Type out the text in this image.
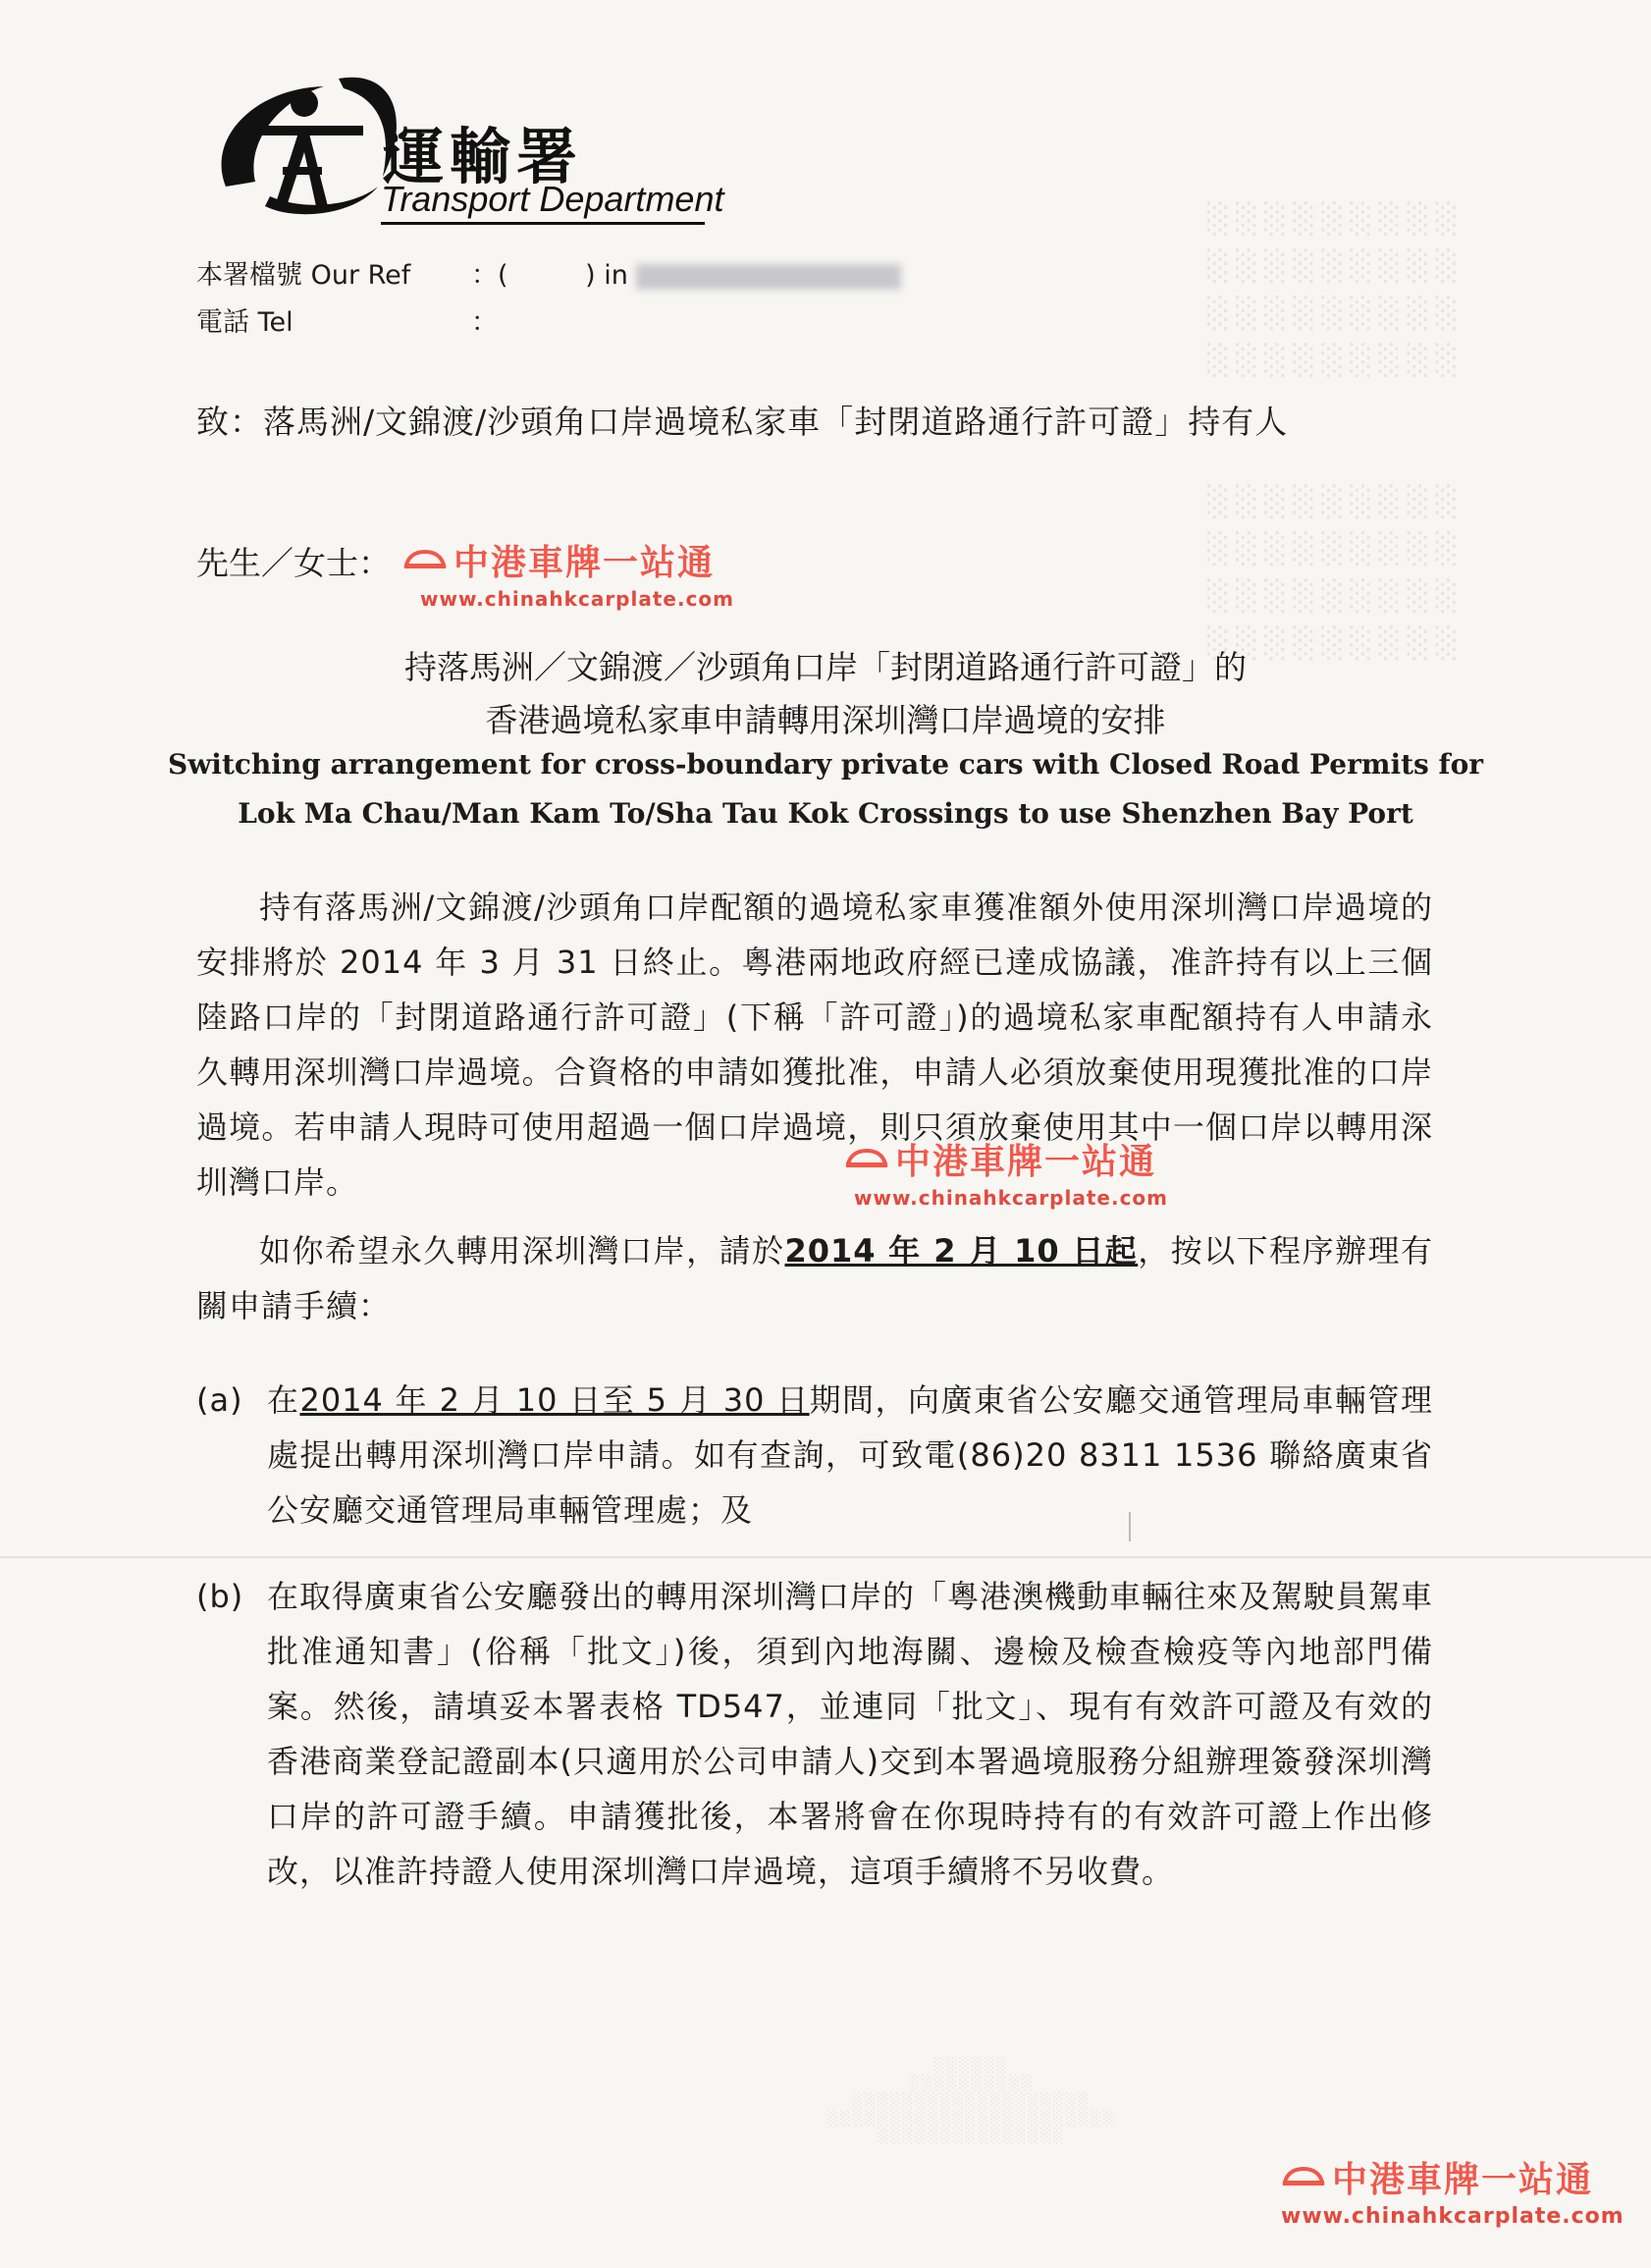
░░░░░░░░░
░░░░░░░░░
░░░░░░░░░
░░░░░░░░░

░░░░░░░░░
░░░░░░░░░
░░░░░░░░░
░░░░░░░░░
運輸署
Transport Department
本署檔號 Our Ref ：(	) in
電話 Tel	：
致：落馬洲/文錦渡/沙頭角口岸過境私家車「封閉道路通行許可證」持有人
先生／女士：	中港車牌一站通
www.chinahkcarplate.com
持落馬洲／文錦渡／沙頭角口岸「封閉道路通行許可證」的
香港過境私家車申請轉用深圳灣口岸過境的安排
Switching arrangement for cross-boundary private cars with Closed Road Permits for
Lok Ma Chau/Man Kam To/Sha Tau Kok Crossings to use Shenzhen Bay Port

持有落馬洲/文錦渡/沙頭角口岸配額的過境私家車獲准額外使用深圳灣口岸過境的安排將於 2014 年 3 月 31 日終止。粵港兩地政府經已達成協議，准許持有以上三個陸路口岸的「封閉道路通行許可證」(下稱「許可證」)的過境私家車配額持有人申請永久轉用深圳灣口岸過境。合資格的申請如獲批准，申請人必須放棄使用現獲批准的口岸過境。若申請人現時可使用超過一個口岸過境，則只須放棄使用其中一個口岸以轉用深圳灣口岸。	中港車牌一站通
www.chinahkcarplate.com

如你希望永久轉用深圳灣口岸，請於2014 年 2 月 10 日起，按以下程序辦理有關申請手續：

(a) 在2014 年 2 月 10 日至 5 月 30 日期間，向廣東省公安廳交通管理局車輛管理處提出轉用深圳灣口岸申請。如有查詢，可致電(86)20 8311 1536 聯絡廣東省公安廳交通管理局車輛管理處；及
(b) 在取得廣東省公安廳發出的轉用深圳灣口岸的「粵港澳機動車輛往來及駕駛員駕車批准通知書」(俗稱「批文」)後，須到內地海關、邊檢及檢查檢疫等內地部門備案。然後，請填妥本署表格 TD547，並連同「批文」、現有有效許可證及有效的香港商業登記證副本(只適用於公司申請人)交到本署過境服務分組辦理簽發深圳灣口岸的許可證手續。申請獲批後，本署將會在你現時持有的有效許可證上作出修改，以准許持證人使用深圳灣口岸過境，這項手續將不另收費。
░░░░░░
░░░░░░░░░░
░░░░░░░░░░░░░░░░░░░
░░░░░░░░░░░░░░░░░░░░░░░
░░░░░░░░░░░░░░░
中港車牌一站通
www.chinahkcarplate.com
